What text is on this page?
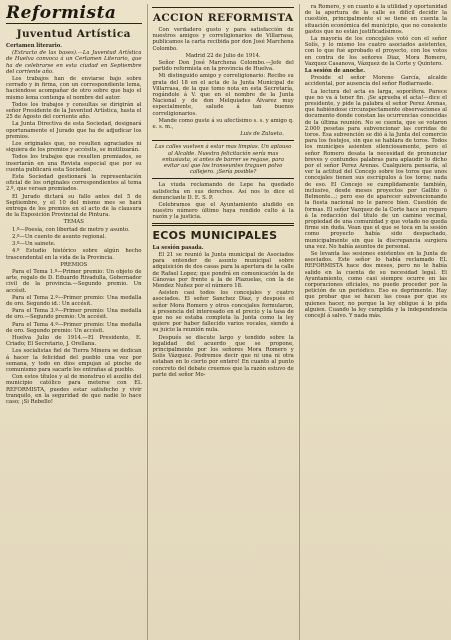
Reformista
Juventud Artística

Certamen literario.

(Extracto de las bases).—La Juventud Artística de Huelva convoca á un Certamen Literario, que ha de celebrarse en esta ciudad en Septiembre del corriente año.

Los trabajos han de enviarse bajo sobre cerrado y in firma, con un correspondiente lema, haciéndose acompañar de otro sobre que bajo el mismo lema contenga el nombre del autor.

Todos los trabajos y consultas se dirigirán al señor Presidente de la Juventud Artística, hasta el 25 de Agosto del corriente año.

La Junta Directiva de esta Sociedad, designará oportunamente el Jurado que ha de adjudicar los premios.

Los originales que, no resulten agraciados ni siquiera de los premios y accésits, se inutilizarán.

Todos los trabajos que resulten premiados, se insertarán en una Revista especial que por su cuenta publicará esta Sociedad.

Esta Sociedad gestionará la representación oficial de los originales correspondientes al tema 2.º, que versan premiados.

El Jurado dictará su fallo antes del 5 de Septiembre, y el 10 del mismo mes se hará entrega de los premios en el acto de la clausura de la Exposición Provincial de Pintura.

TEMAS

1.º—Poesía, con libertad de metro y asunto.

2.º—Un cuento de asunto regional.

3.º—Un sainete.

4.º Estudio histórico sobre algún hecho trascendental en la vida de la Provincia.

PREMIOS

Para el Tema 1.º—Primer premio: Un objeto de arte, regalo de D. Eduardo Rivadulla, Gobernador civil de la provincia.—Segundo premio. Un accésit.

Para el Tema 2.º—Primer premio: Una medalla de oro. Segundo id.: Un accésit.

Para el Tema 3.º—Primer premio: Una medalla de oro.—Segundo premio: Un accésit.

Para el Tema 4.º—Primer premio: Una medalla de oro. Segundo premio: Un accésit.

Huelva Julio de 1914.—El Presidente, E. Criado; El Secretario, J. Orellana.

Los socialistas fiel de Tierra Minera se dedican á hacer la felicidad del pueblo una vez por semana, y todo en dios empujan al pinche de comunismo para sacarle los entrañas al pueblo.

Con estos títulos y al de monstruo el auxilio del municipio católico para meterse con EL REFORMISTA, puedes estar satisfecho y vivir tranquilo, en la seguridad de que nadie lo hace caso; ¡Si Rebello!

ACCION REFORMISTA

Con verdadero gusto y para satisfacción de nuestros amigos y correligionarios de Villarrasa, publicamos la carta recibida por don José Marchena Colombo.

Madrid 22 de Julio de 1914.

Señor Don José Marchena Colombo.—Jefe del partido reformista en la provincia de Huelva.

Mi distinguido amigo y correligionario: Recibo su grata del 18 en el acta de la Junta Municipal de Villarrasa, de la que tomo nota en esta Secretaría, rogándole á V. que en el nombre de la Junta Nacional y de don Melquiades Álvarez muy especialmente, salude á tan buenos correligionarios.

Mande como guste á su afectísimo s. s. y amigo q. e. s. m.,

Luis de Zulueta.

Las calles vuelven á estar mas limpias. Un aplauso al Alcalde. Nuestra felicitación sería mas entusiasta, si antes de barrer se regase, para evitar así que los transeuntes traguen polvo callejero. ¡Sería posible?

La viuda reclamando de Lepe ha quedado satisfecha en sus derechos. Así nos lo dice el denunciante D. E. S. P.

Celebramos que el Ayuntamiento aludido en nuestro número último haya rendido culto á la razón y la justicia.

ECOS MUNICIPALES

La sesión pasada.

El 21 se reunió la Junta municipal de Asociados para entender de asunto municipal sobre adquisición de dos casas para la apertura de la calle de Rafael Lopez; que pondrá en comunicación la de Cánovas por frente á la de Plazuelas, con la de Mendez Nuñez por el número 18.

Asisten casi todos los concejales y cuatro asociados. El señor Sanchez Diaz, y después el señor Mora Romero y otros concejales formularon, á presencia del interesado en el precio y la tasa de que no se estaba completa la Junta como la ley quiere por haber fallecido varios vocales, siendo á su juicio la reunión nula.

Después se discute largo y tendido sobre la legalidad del acuerdo que se propone, principalmente por los señores Mora Romero y Solís Vázquez. Podremos decir que ni una ni otra estaban en lo cierto por entero! En cuanto al punto concreto del debate creemos que la razón estuvo de parte del señor Mo-

ra Romero, y en cuanto á la utilidad y oportunidad de la apertura de la calle es difícil decidir la cuestión, principalmente si se tiene en cuenta la situación económica del municipio, que no consiente gastos que no están justificadísimos.

La mayoría de los concejales votó con el señor Solís, y lo mismo los cuatro asociados asistentes, con lo que fué aprobado el proyecto, con los votos en contra de los señores Diaz, Mora Romero, Vazquez Casanova, Vázquez de la Corte y Quintero.

La sesión de anoche.

Preside el señor Moreno García, alcalde accidental, por ausencia del señor Rodiarrasde.

La lectura del acta es larga, soporífera. Parece que no va á tener fin. ¡Se aprueba el acta!—dice el presidente, y pide la palabra el señor Perez Arenas, que habiéndose circunspectamente observaciones al documento donde constan las ocurrencias conocidas de la última reunión. No se cuenta, que se votaron 2.000 pesetas para subvencionar las corridas de toros. Esa subvención se dió á la Junta del comercio para los festejos, sin que se hablara de toros. Todos los munícipes asienten silenciosamente, pero el señor Romero desata la necesidad de pronunciar breves y contundes palabras para aplaudir lo dicho por el señor Perez Arenas. Cualquiera pensaría, al ver la actitud del Concejo sobre los toros que unos concejales tienen sus escrúpulos á los toros; nada de eso. El Concejo se cumplidamente también, inclusive, desde meses proyectos por Gallito ó Belmonte...; pero eso de aparecer subvencionando la fiesta nacional no le parece bien. Cuestión de formas. El señor Vazquez de la Corte hace un reparo á la redacción del título de un camino vecinal, propiedad de una comunidad y que votado no queda firme sin duda. Vean que el que se toca en la sesión como proyecto había sido despachado, municipalmente sin que la discrepancia surgiera una vez. No había asuntos de personal.

Se levanta las sesiones existentes en la Junta de asociados. Este señor lo había reclamado EL REFORMISTA hace dos meses, pero no le había salido en la cuenta de su necesidad legal. El Ayuntamiento, como casi siempre ocurre en las corporaciones oficiales, no puede proceder por la petición de un periódico. Eso es deprimente. Hay que probar que se hacen las cosas por que es quienes hacer, no porque la ley obligue á lo pida alguien. Cuando la ley cumplida y la independencia concejil á salvo. Y nada más.
